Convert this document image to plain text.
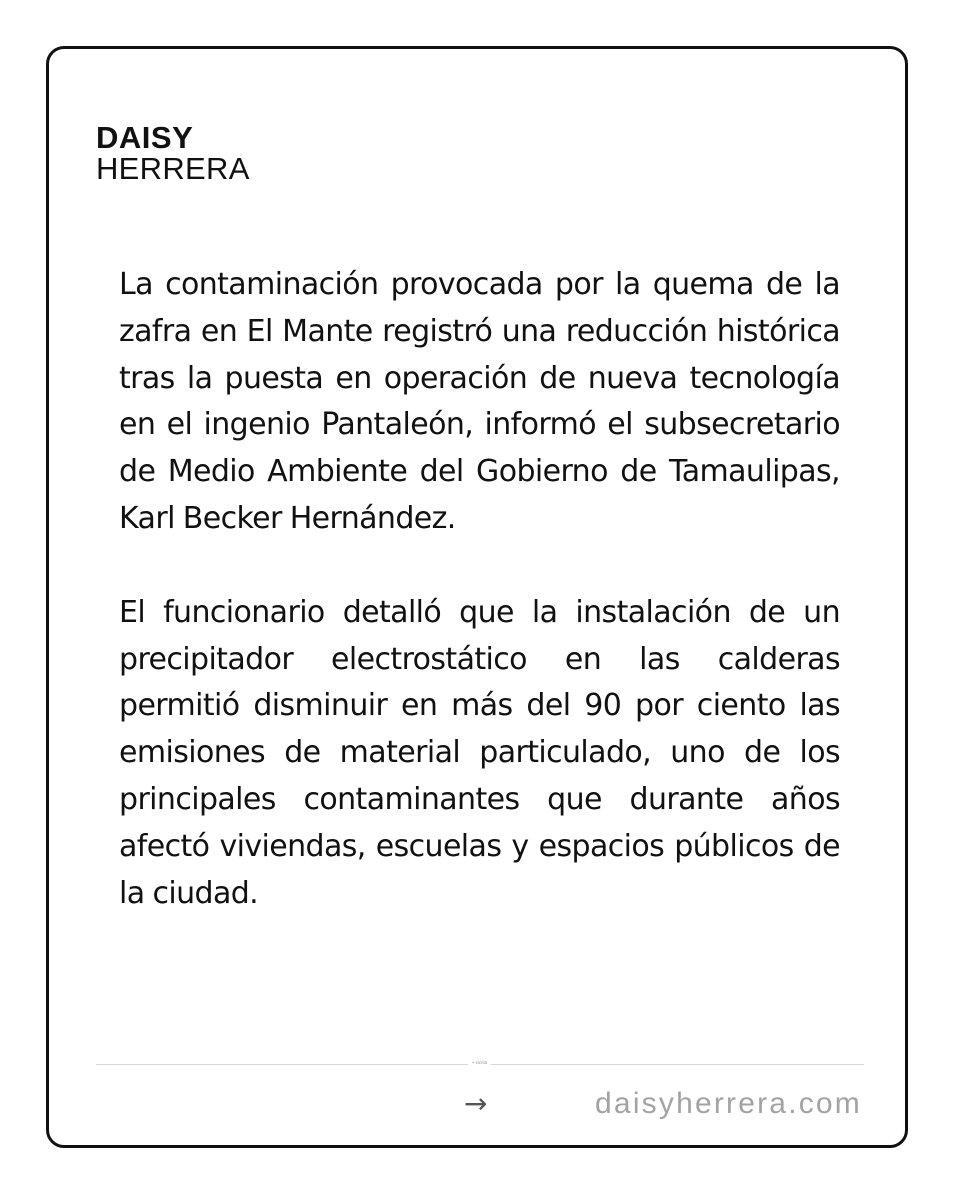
DAISY
HERRERA

La contaminación provocada por la quema de la zafra en El Mante registró una reducción histórica tras la puesta en operación de nueva tecnología en el ingenio Pantaleón, informó el subsecretario de Medio Ambiente del Gobierno de Tamaulipas, Karl Becker Hernández.

El funcionario detalló que la instalación de un precipitador electrostático en las calderas permitió disminuir en más del 90 por ciento las emisiones de material particulado, uno de los principales contaminantes que durante años afectó viviendas, escuelas y espacios públicos de la ciudad.

• sicnla
→	daisyherrera.com
